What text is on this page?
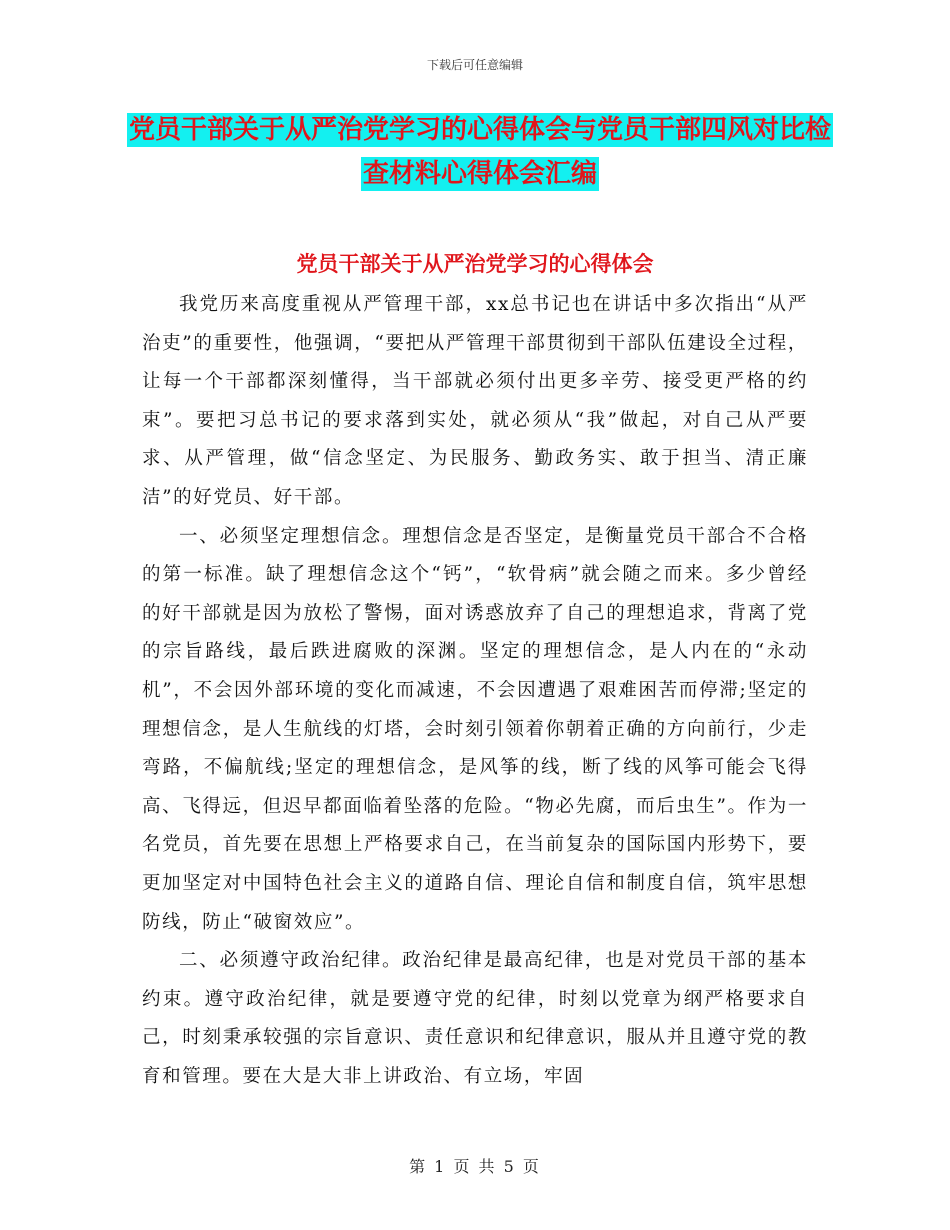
下载后可任意编辑
党员干部关于从严治党学习的心得体会与党员干部四风对比检查材料心得体会汇编
党员干部关于从严治党学习的心得体会

我党历来高度重视从严管理干部，xx总书记也在讲话中多次指出“从严治吏”的重要性，他强调，“要把从严管理干部贯彻到干部队伍建设全过程，让每一个干部都深刻懂得，当干部就必须付出更多辛劳、接受更严格的约束”。要把习总书记的要求落到实处，就必须从“我”做起，对自己从严要求、从严管理，做“信念坚定、为民服务、勤政务实、敢于担当、清正廉洁”的好党员、好干部。

一、必须坚定理想信念。理想信念是否坚定，是衡量党员干部合不合格的第一标准。缺了理想信念这个“钙”，“软骨病”就会随之而来。多少曾经的好干部就是因为放松了警惕，面对诱惑放弃了自己的理想追求，背离了党的宗旨路线，最后跌进腐败的深渊。坚定的理想信念，是人内在的“永动机”，不会因外部环境的变化而减速，不会因遭遇了艰难困苦而停滞;坚定的理想信念，是人生航线的灯塔，会时刻引领着你朝着正确的方向前行，少走弯路，不偏航线;坚定的理想信念，是风筝的线，断了线的风筝可能会飞得高、飞得远，但迟早都面临着坠落的危险。“物必先腐，而后虫生”。作为一名党员，首先要在思想上严格要求自己，在当前复杂的国际国内形势下，要更加坚定对中国特色社会主义的道路自信、理论自信和制度自信，筑牢思想防线，防止“破窗效应”。

二、必须遵守政治纪律。政治纪律是最高纪律，也是对党员干部的基本约束。遵守政治纪律，就是要遵守党的纪律，时刻以党章为纲严格要求自己，时刻秉承较强的宗旨意识、责任意识和纪律意识，服从并且遵守党的教育和管理。要在大是大非上讲政治、有立场，牢固

第 1 页 共 5 页
